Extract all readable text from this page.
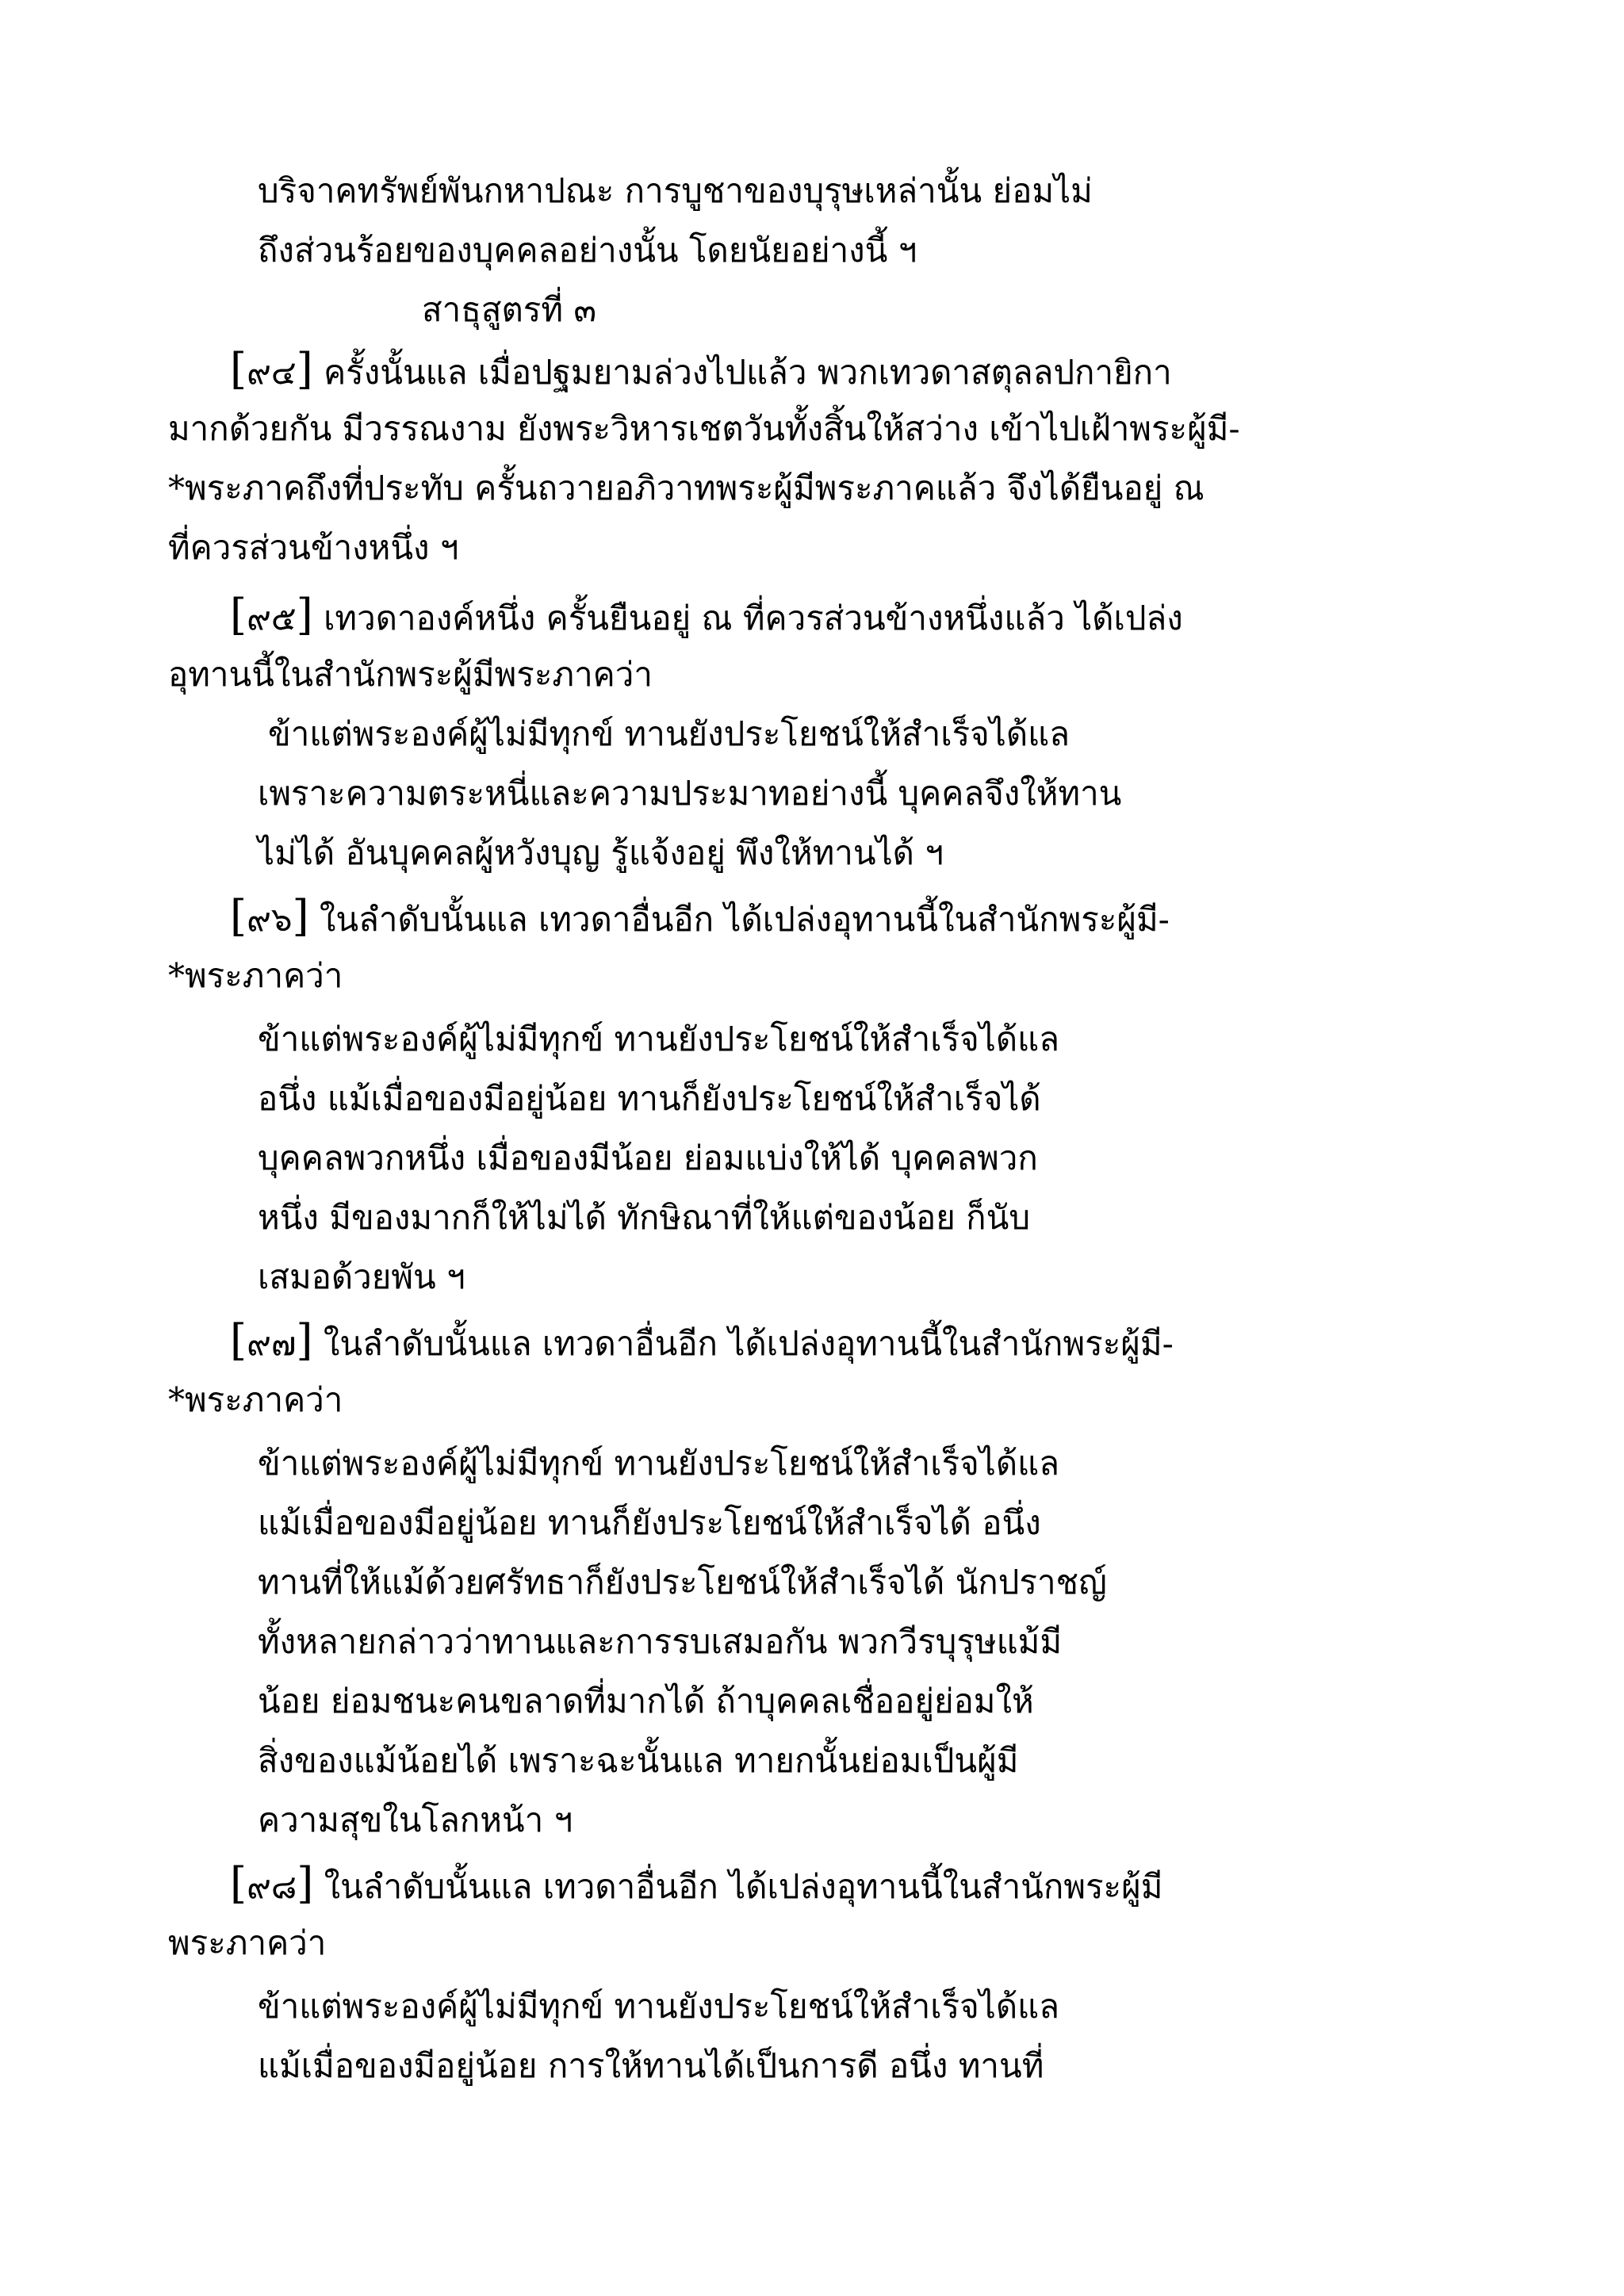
บริจาคทรัพย์พันกหาปณะ การบูชาของบุรุษเหล่านั้น ย่อมไม่

ถึงส่วนร้อยของบุคคลอย่างนั้น โดยนัยอย่างนี้ ฯ

สาธุสูตรที่ ๓

[๙๔] ครั้งนั้นแล เมื่อปฐมยามล่วงไปแล้ว พวกเทวดาสตุลลปกายิกา

มากด้วยกัน มีวรรณงาม ยังพระวิหารเชตวันทั้งสิ้นให้สว่าง เข้าไปเฝ้าพระผู้มี-

*พระภาคถึงที่ประทับ ครั้นถวายอภิวาทพระผู้มีพระภาคแล้ว จึงได้ยืนอยู่ ณ

ที่ควรส่วนข้างหนึ่ง ฯ

[๙๕] เทวดาองค์หนึ่ง ครั้นยืนอยู่ ณ ที่ควรส่วนข้างหนึ่งแล้ว ได้เปล่ง

อุทานนี้ในสำนักพระผู้มีพระภาคว่า

ข้าแต่พระองค์ผู้ไม่มีทุกข์ ทานยังประโยชน์ให้สำเร็จได้แล

เพราะความตระหนี่และความประมาทอย่างนี้ บุคคลจึงให้ทาน

ไม่ได้ อันบุคคลผู้หวังบุญ รู้แจ้งอยู่ พึงให้ทานได้ ฯ

[๙๖] ในลำดับนั้นแล เทวดาอื่นอีก ได้เปล่งอุทานนี้ในสำนักพระผู้มี-

*พระภาคว่า

ข้าแต่พระองค์ผู้ไม่มีทุกข์ ทานยังประโยชน์ให้สำเร็จได้แล

อนึ่ง แม้เมื่อของมีอยู่น้อย ทานก็ยังประโยชน์ให้สำเร็จได้

บุคคลพวกหนึ่ง เมื่อของมีน้อย ย่อมแบ่งให้ได้ บุคคลพวก

หนึ่ง มีของมากก็ให้ไม่ได้ ทักษิณาที่ให้แต่ของน้อย ก็นับ

เสมอด้วยพัน ฯ

[๙๗] ในลำดับนั้นแล เทวดาอื่นอีก ได้เปล่งอุทานนี้ในสำนักพระผู้มี-

*พระภาคว่า

ข้าแต่พระองค์ผู้ไม่มีทุกข์ ทานยังประโยชน์ให้สำเร็จได้แล

แม้เมื่อของมีอยู่น้อย ทานก็ยังประโยชน์ให้สำเร็จได้ อนึ่ง

ทานที่ให้แม้ด้วยศรัทธาก็ยังประโยชน์ให้สำเร็จได้ นักปราชญ์

ทั้งหลายกล่าวว่าทานและการรบเสมอกัน พวกวีรบุรุษแม้มี

น้อย ย่อมชนะคนขลาดที่มากได้ ถ้าบุคคลเชื่ออยู่ย่อมให้

สิ่งของแม้น้อยได้ เพราะฉะนั้นแล ทายกนั้นย่อมเป็นผู้มี

ความสุขในโลกหน้า ฯ

[๙๘] ในลำดับนั้นแล เทวดาอื่นอีก ได้เปล่งอุทานนี้ในสำนักพระผู้มี

พระภาคว่า

ข้าแต่พระองค์ผู้ไม่มีทุกข์ ทานยังประโยชน์ให้สำเร็จได้แล

แม้เมื่อของมีอยู่น้อย การให้ทานได้เป็นการดี อนึ่ง ทานที่
